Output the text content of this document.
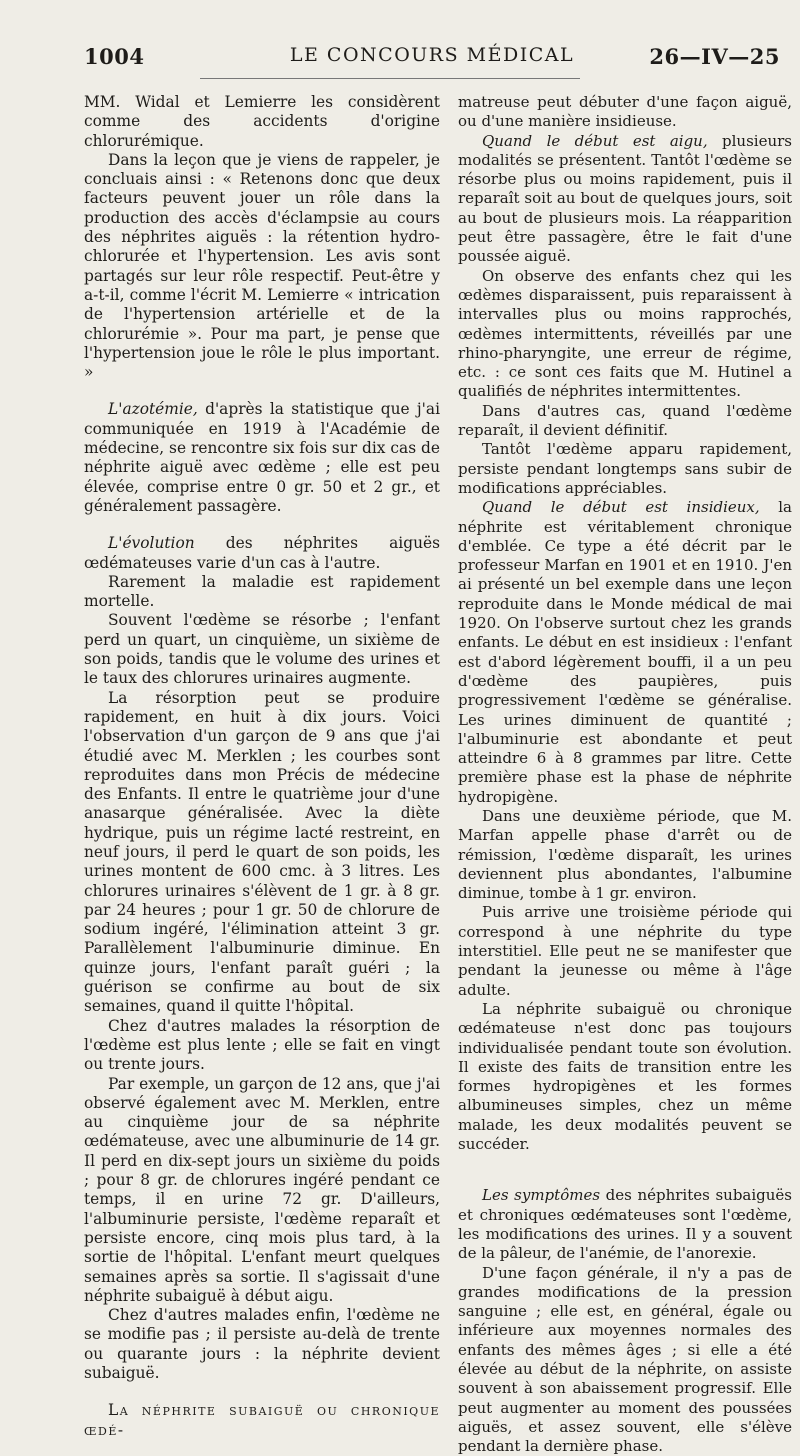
1004	LE CONCOURS MÉDICAL	26—IV—25

MM. Widal et Lemierre les considèrent comme des accidents d'origine chlorurémique.

Dans la leçon que je viens de rappeler, je concluais ainsi : « Retenons donc que deux facteurs peuvent jouer un rôle dans la production des accès d'éclampsie au cours des néphrites aiguës : la rétention hydro-chlorurée et l'hypertension. Les avis sont partagés sur leur rôle respectif. Peut-être y a-t-il, comme l'écrit M. Lemierre « intrication de l'hypertension artérielle et de la chlorurémie ». Pour ma part, je pense que l'hypertension joue le rôle le plus important. »

L'azotémie, d'après la statistique que j'ai communiquée en 1919 à l'Académie de médecine, se rencontre six fois sur dix cas de néphrite aiguë avec œdème ; elle est peu élevée, comprise entre 0 gr. 50 et 2 gr., et généralement passagère.

L'évolution des néphrites aiguës œdémateuses varie d'un cas à l'autre.

Rarement la maladie est rapidement mortelle.

Souvent l'œdème se résorbe ; l'enfant perd un quart, un cinquième, un sixième de son poids, tandis que le volume des urines et le taux des chlorures urinaires augmente.

La résorption peut se produire rapidement, en huit à dix jours. Voici l'observation d'un garçon de 9 ans que j'ai étudié avec M. Merklen ; les courbes sont reproduites dans mon Précis de médecine des Enfants. Il entre le quatrième jour d'une anasarque généralisée. Avec la diète hydrique, puis un régime lacté restreint, en neuf jours, il perd le quart de son poids, les urines montent de 600 cmc. à 3 litres. Les chlorures urinaires s'élèvent de 1 gr. à 8 gr. par 24 heures ; pour 1 gr. 50 de chlorure de sodium ingéré, l'élimination atteint 3 gr. Parallèlement l'albuminurie diminue. En quinze jours, l'enfant paraît guéri ; la guérison se confirme au bout de six semaines, quand il quitte l'hôpital.

Chez d'autres malades la résorption de l'œdème est plus lente ; elle se fait en vingt ou trente jours.

Par exemple, un garçon de 12 ans, que j'ai observé également avec M. Merklen, entre au cinquième jour de sa néphrite œdémateuse, avec une albuminurie de 14 gr. Il perd en dix-sept jours un sixième du poids ; pour 8 gr. de chlorures ingéré pendant ce temps, il en urine 72 gr. D'ailleurs, l'albuminurie persiste, l'œdème reparaît et persiste encore, cinq mois plus tard, à la sortie de l'hôpital. L'enfant meurt quelques semaines après sa sortie. Il s'agissait d'une néphrite subaiguë à début aigu.

Chez d'autres malades enfin, l'œdème ne se modifie pas ; il persiste au-delà de trente ou quarante jours : la néphrite devient subaiguë.

La néphrite subaiguë ou chronique œdé-

matreuse peut débuter d'une façon aiguë, ou d'une manière insidieuse.

Quand le début est aigu, plusieurs modalités se présentent. Tantôt l'œdème se résorbe plus ou moins rapidement, puis il reparaît soit au bout de quelques jours, soit au bout de plusieurs mois. La réapparition peut être passagère, être le fait d'une poussée aiguë.

On observe des enfants chez qui les œdèmes disparaissent, puis reparaissent à intervalles plus ou moins rapprochés, œdèmes intermittents, réveillés par une rhino-pharyngite, une erreur de régime, etc. : ce sont ces faits que M. Hutinel a qualifiés de néphrites intermittentes.

Dans d'autres cas, quand l'œdème reparaît, il devient définitif.

Tantôt l'œdème apparu rapidement, persiste pendant longtemps sans subir de modifications appréciables.

Quand le début est insidieux, la néphrite est véritablement chronique d'emblée. Ce type a été décrit par le professeur Marfan en 1901 et en 1910. J'en ai présenté un bel exemple dans une leçon reproduite dans le Monde médical de mai 1920. On l'observe surtout chez les grands enfants. Le début en est insidieux : l'enfant est d'abord légèrement bouffi, il a un peu d'œdème des paupières, puis progressivement l'œdème se généralise. Les urines diminuent de quantité ; l'albuminurie est abondante et peut atteindre 6 à 8 grammes par litre. Cette première phase est la phase de néphrite hydropigène.

Dans une deuxième période, que M. Marfan appelle phase d'arrêt ou de rémission, l'œdème disparaît, les urines deviennent plus abondantes, l'albumine diminue, tombe à 1 gr. environ.

Puis arrive une troisième période qui correspond à une néphrite du type interstitiel. Elle peut ne se manifester que pendant la jeunesse ou même à l'âge adulte.

La néphrite subaiguë ou chronique œdémateuse n'est donc pas toujours individualisée pendant toute son évolution. Il existe des faits de transition entre les formes hydropigènes et les formes albumineuses simples, chez un même malade, les deux modalités peuvent se succéder.

Les symptômes des néphrites subaiguës et chroniques œdémateuses sont l'œdème, les modifications des urines. Il y a souvent de la pâleur, de l'anémie, de l'anorexie.

D'une façon générale, il n'y a pas de grandes modifications de la pression sanguine ; elle est, en général, égale ou inférieure aux moyennes normales des enfants des mêmes âges ; si elle a été élevée au début de la néphrite, on assiste souvent à son abaissement progressif. Elle peut augmenter au moment des poussées aiguës, et assez souvent, elle s'élève pendant la dernière phase.
